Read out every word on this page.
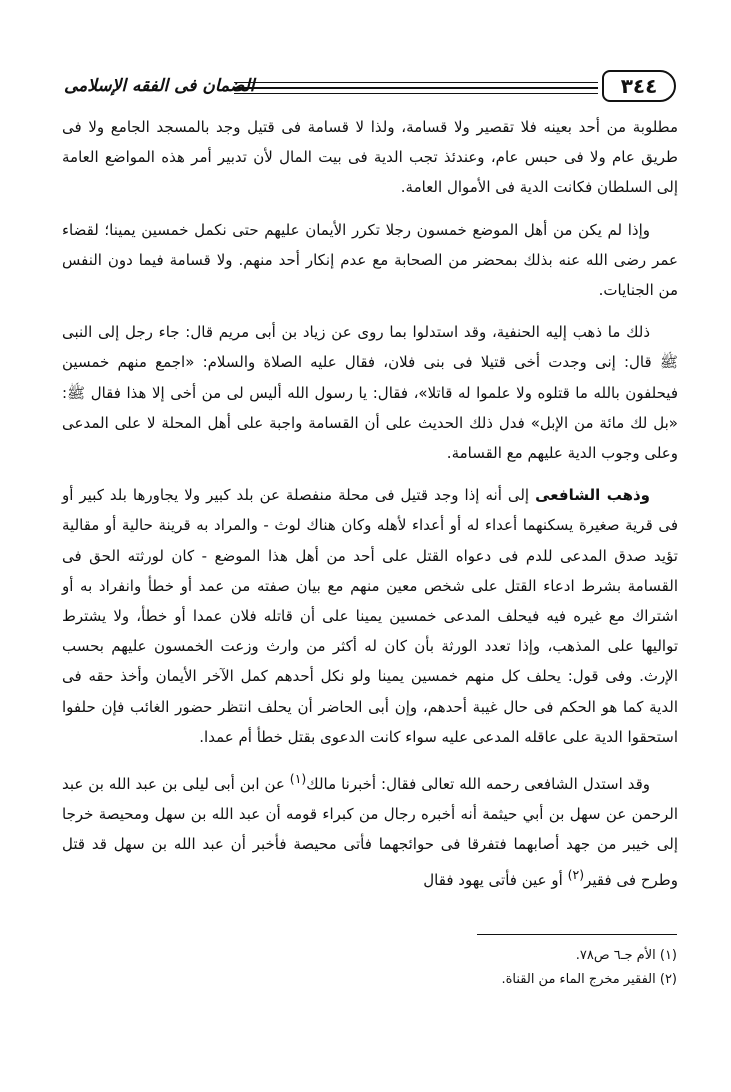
الضمان فى الفقه الإسلامى	٣٤٤

مطلوبة من أحد بعينه فلا تقصير ولا قسامة، ولذا لا قسامة فى قتيل وجد بالمسجد الجامع ولا فى طريق عام ولا فى حبس عام، وعندئذ تجب الدية فى بيت المال لأن تدبير أمر هذه المواضع العامة إلى السلطان فكانت الدية فى الأموال العامة.

وإذا لم يكن من أهل الموضع خمسون رجلا تكرر الأيمان عليهم حتى نكمل خمسين يمينا؛ لقضاء عمر رضى الله عنه بذلك بمحضر من الصحابة مع عدم إنكار أحد منهم. ولا قسامة فيما دون النفس من الجنايات.

ذلك ما ذهب إليه الحنفية، وقد استدلوا بما روى عن زياد بن أبى مريم قال: جاء رجل إلى النبى ﷺ قال: إنى وجدت أخى قتيلا فى بنى فلان، فقال عليه الصلاة والسلام: «اجمع منهم خمسين فيحلفون بالله ما قتلوه ولا علموا له قاتلا»، فقال: يا رسول الله أليس لى من أخى إلا هذا فقال ﷺ: «بل لك مائة من الإبل» فدل ذلك الحديث على أن القسامة واجبة على أهل المحلة لا على المدعى وعلى وجوب الدية عليهم مع القسامة.

وذهب الشافعى إلى أنه إذا وجد قتيل فى محلة منفصلة عن بلد كبير ولا يجاورها بلد كبير أو فى قرية صغيرة يسكنهما أعداء له أو أعداء لأهله وكان هناك لوث - والمراد به قرينة حالية أو مقالية تؤيد صدق المدعى للدم فى دعواه القتل على أحد من أهل هذا الموضع - كان لورثته الحق فى القسامة بشرط ادعاء القتل على شخص معين منهم مع بيان صفته من عمد أو خطأ وانفراد به أو اشتراك مع غيره فيه فيحلف المدعى خمسين يمينا على أن قاتله فلان عمدا أو خطأ، ولا يشترط تواليها على المذهب، وإذا تعدد الورثة بأن كان له أكثر من وارث وزعت الخمسون عليهم بحسب الإرث. وفى قول: يحلف كل منهم خمسين يمينا ولو نكل أحدهم كمل الآخر الأيمان وأخذ حقه فى الدية كما هو الحكم فى حال غيبة أحدهم، وإن أبى الحاضر أن يحلف انتظر حضور الغائب فإن حلفوا استحقوا الدية على عاقله المدعى عليه سواء كانت الدعوى بقتل خطأ أم عمدا.

وقد استدل الشافعى رحمه الله تعالى فقال: أخبرنا مالك$^{(١)}$ عن ابن أبى ليلى بن عبد الله بن عبد الرحمن عن سهل بن أبي حيثمة أنه أخبره رجال من كبراء قومه أن عبد الله بن سهل ومحيصة خرجا إلى خيبر من جهد أصابهما فتفرقا فى حوائجهما فأتى محيصة فأخبر أن عبد الله بن سهل قد قتل وطرح فى فقير$^{(٢)}$ أو عين فأتى يهود فقال

(١) الأم جـ٦ ص٧٨.
(٢) الفقير مخرج الماء من القناة.
